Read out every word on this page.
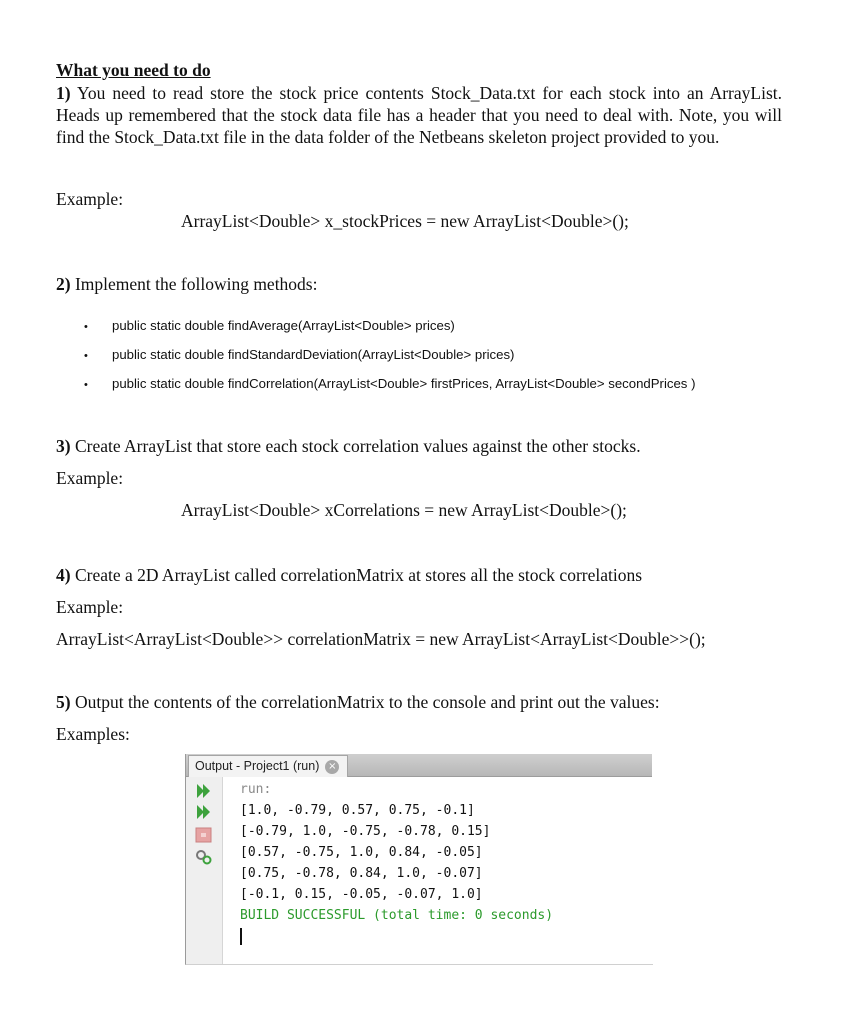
What you need to do
1) You need to read store the stock price contents Stock_Data.txt for each stock into an ArrayList. Heads up remembered that the stock data file has a header that you need to deal with. Note, you will find the Stock_Data.txt file in the data folder of the Netbeans skeleton project provided to you.
Example:
ArrayList<Double> x_stockPrices = new ArrayList<Double>();
2) Implement the following methods:
• public static double findAverage(ArrayList<Double> prices)
• public static double findStandardDeviation(ArrayList<Double> prices)
• public static double findCorrelation(ArrayList<Double> firstPrices, ArrayList<Double> secondPrices )
3) Create ArrayList that store each stock correlation values against the other stocks.
Example:
ArrayList<Double> xCorrelations = new ArrayList<Double>();
4) Create a 2D ArrayList called correlationMatrix at stores all the stock correlations
Example:
ArrayList<ArrayList<Double>> correlationMatrix = new ArrayList<ArrayList<Double>>();
5) Output the contents of the correlationMatrix to the console and print out the values:
Examples:
Output - Project1 (run) ×
run:
[1.0, -0.79, 0.57, 0.75, -0.1]
[-0.79, 1.0, -0.75, -0.78, 0.15]
[0.57, -0.75, 1.0, 0.84, -0.05]
[0.75, -0.78, 0.84, 1.0, -0.07]
[-0.1, 0.15, -0.05, -0.07, 1.0]
BUILD SUCCESSFUL (total time: 0 seconds)
